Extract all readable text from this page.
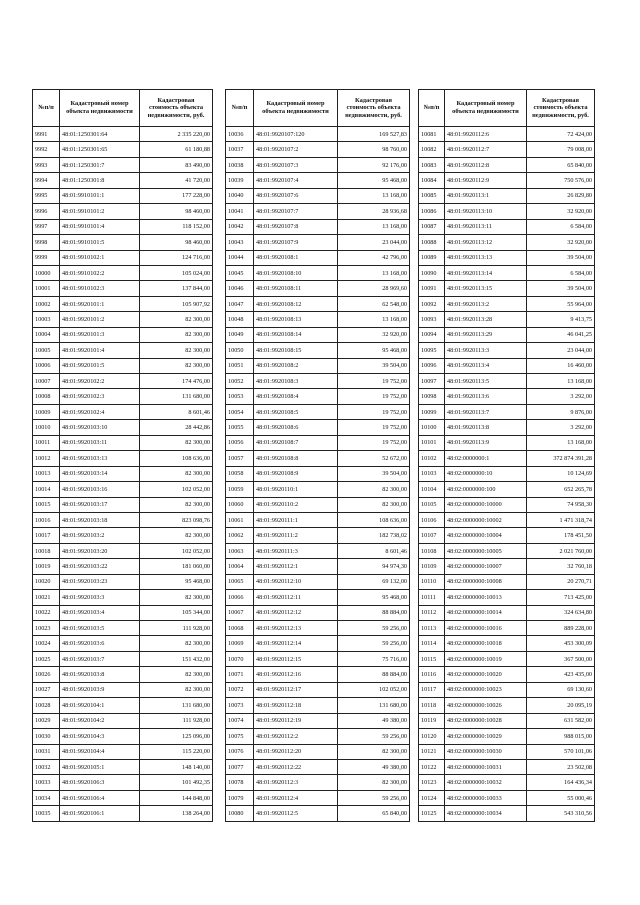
№п/п	Кадастровый номер объекта недвижимости	Кадастровая стоимость объекта недвижимости, руб.
9991	48:01:1250301:64	2 335 220,00
9992	48:01:1250301:65	61 180,88
9993	48:01:1250301:7	83 490,00
9994	48:01:1250301:8	41 720,00
9995	48:01:9910101:1	177 228,00
9996	48:01:9910101:2	98 460,00
9997	48:01:9910101:4	118 152,00
9998	48:01:9910101:5	98 460,00
9999	48:01:9910102:1	124 716,00
10000	48:01:9910102:2	105 024,00
10001	48:01:9910102:3	137 844,00
10002	48:01:9920101:1	105 907,92
10003	48:01:9920101:2	82 300,00
10004	48:01:9920101:3	82 300,00
10005	48:01:9920101:4	82 300,00
10006	48:01:9920101:5	82 300,00
10007	48:01:9920102:2	174 476,00
10008	48:01:9920102:3	131 680,00
10009	48:01:9920102:4	8 601,46
10010	48:01:9920103:10	28 442,86
10011	48:01:9920103:11	82 300,00
10012	48:01:9920103:13	108 636,00
10013	48:01:9920103:14	82 300,00
10014	48:01:9920103:16	102 052,00
10015	48:01:9920103:17	82 300,00
10016	48:01:9920103:18	823 098,76
10017	48:01:9920103:2	82 300,00
10018	48:01:9920103:20	102 052,00
10019	48:01:9920103:22	181 060,00
10020	48:01:9920103:23	95 468,00
10021	48:01:9920103:3	82 300,00
10022	48:01:9920103:4	105 344,00
10023	48:01:9920103:5	111 928,00
10024	48:01:9920103:6	82 300,00
10025	48:01:9920103:7	151 432,00
10026	48:01:9920103:8	82 300,00
10027	48:01:9920103:9	82 300,00
10028	48:01:9920104:1	131 680,00
10029	48:01:9920104:2	111 928,00
10030	48:01:9920104:3	125 096,00
10031	48:01:9920104:4	115 220,00
10032	48:01:9920105:1	148 140,00
10033	48:01:9920106:3	101 492,35
10034	48:01:9920106:4	144 848,00
10035	48:01:9920106:1	138 264,00
№п/п	Кадастровый номер объекта недвижимости	Кадастровая стоимость объекта недвижимости, руб.
10036	48:01:9920107:120	169 527,83
10037	48:01:9920107:2	98 760,00
10038	48:01:9920107:3	92 176,00
10039	48:01:9920107:4	95 468,00
10040	48:01:9920107:6	13 168,00
10041	48:01:9920107:7	28 936,68
10042	48:01:9920107:8	13 168,00
10043	48:01:9920107:9	23 044,00
10044	48:01:9920108:1	42 796,00
10045	48:01:9920108:10	13 168,00
10046	48:01:9920108:11	28 969,60
10047	48:01:9920108:12	62 548,00
10048	48:01:9920108:13	13 168,00
10049	48:01:9920108:14	32 920,00
10050	48:01:9920108:15	95 468,00
10051	48:01:9920108:2	39 504,00
10052	48:01:9920108:3	19 752,00
10053	48:01:9920108:4	19 752,00
10054	48:01:9920108:5	19 752,00
10055	48:01:9920108:6	19 752,00
10056	48:01:9920108:7	19 752,00
10057	48:01:9920108:8	52 672,00
10058	48:01:9920108:9	39 504,00
10059	48:01:9920110:1	82 300,00
10060	48:01:9920110:2	82 300,00
10061	48:01:9920111:1	108 636,00
10062	48:01:9920111:2	182 738,02
10063	48:01:9920111:3	8 601,46
10064	48:01:9920112:1	94 974,30
10065	48:01:9920112:10	69 132,00
10066	48:01:9920112:11	95 468,00
10067	48:01:9920112:12	88 884,00
10068	48:01:9920112:13	59 256,00
10069	48:01:9920112:14	59 256,00
10070	48:01:9920112:15	75 716,00
10071	48:01:9920112:16	88 884,00
10072	48:01:9920112:17	102 052,00
10073	48:01:9920112:18	131 680,00
10074	48:01:9920112:19	49 380,00
10075	48:01:9920112:2	59 256,00
10076	48:01:9920112:20	82 300,00
10077	48:01:9920112:22	49 380,00
10078	48:01:9920112:3	82 300,00
10079	48:01:9920112:4	59 256,00
10080	48:01:9920112:5	65 840,00
№п/п	Кадастровый номер объекта недвижимости	Кадастровая стоимость объекта недвижимости, руб.
10081	48:01:9920112:6	72 424,00
10082	48:01:9920112:7	79 008,00
10083	48:01:9920112:8	65 840,00
10084	48:01:9920112:9	750 576,00
10085	48:01:9920113:1	26 829,80
10086	48:01:9920113:10	32 920,00
10087	48:01:9920113:11	6 584,00
10088	48:01:9920113:12	32 920,00
10089	48:01:9920113:13	39 504,00
10090	48:01:9920113:14	6 584,00
10091	48:01:9920113:15	39 504,00
10092	48:01:9920113:2	55 964,00
10093	48:01:9920113:28	9 413,75
10094	48:01:9920113:29	46 041,25
10095	48:01:9920113:3	23 044,00
10096	48:01:9920113:4	16 460,00
10097	48:01:9920113:5	13 168,00
10098	48:01:9920113:6	3 292,00
10099	48:01:9920113:7	9 876,00
10100	48:01:9920113:8	3 292,00
10101	48:01:9920113:9	13 168,00
10102	48:02:0000000:1	372 874 391,28
10103	48:02:0000000:10	10 124,69
10104	48:02:0000000:100	652 265,78
10105	48:02:0000000:10000	74 958,30
10106	48:02:0000000:10002	1 471 318,74
10107	48:02:0000000:10004	178 451,50
10108	48:02:0000000:10005	2 021 760,00
10109	48:02:0000000:10007	32 760,18
10110	48:02:0000000:10008	20 270,71
10111	48:02:0000000:10013	713 425,00
10112	48:02:0000000:10014	324 634,80
10113	48:02:0000000:10016	889 228,00
10114	48:02:0000000:10018	453 300,09
10115	48:02:0000000:10019	367 500,00
10116	48:02:0000000:10020	423 435,00
10117	48:02:0000000:10023	69 130,60
10118	48:02:0000000:10026	20 095,19
10119	48:02:0000000:10028	631 582,00
10120	48:02:0000000:10029	988 015,00
10121	48:02:0000000:10030	570 101,06
10122	48:02:0000000:10031	23 502,08
10123	48:02:0000000:10032	164 436,34
10124	48:02:0000000:10033	55 000,46
10125	48:02:0000000:10034	543 310,56
